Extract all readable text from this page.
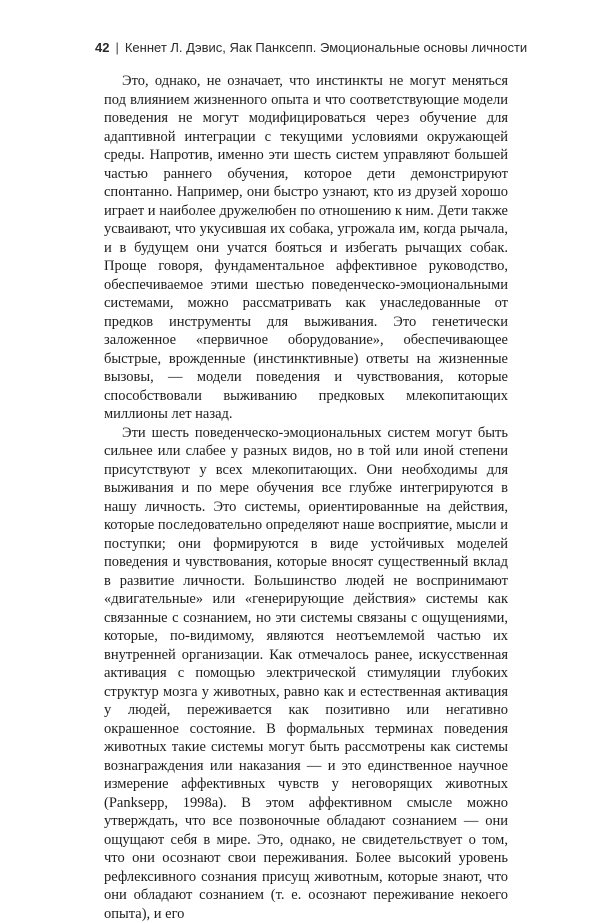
42 | Кеннет Л. Дэвис, Яак Панксепп. Эмоциональные основы личности

Это, однако, не означает, что инстинкты не могут меняться под влиянием жизненного опыта и что соответствующие модели поведения не могут модифицироваться через обучение для адаптивной интеграции с текущими условиями окружающей среды. Напротив, именно эти шесть систем управляют большей частью раннего обучения, которое дети демонстрируют спонтанно. Например, они быстро узнают, кто из друзей хорошо играет и наиболее дружелюбен по отношению к ним. Дети также усваивают, что укусившая их собака, угрожала им, когда рычала, и в будущем они учатся бояться и избегать рычащих собак. Проще говоря, фундаментальное аффективное руководство, обеспечиваемое этими шестью поведенческо-эмоциональными системами, можно рассматривать как унаследованные от предков инструменты для выживания. Это генетически заложенное «первичное оборудование», обеспечивающее быстрые, врожденные (инстинктивные) ответы на жизненные вызовы, — модели поведения и чувствования, которые способствовали выживанию предковых млекопитающих миллионы лет назад.

Эти шесть поведенческо-эмоциональных систем могут быть сильнее или слабее у разных видов, но в той или иной степени присутствуют у всех млекопитающих. Они необходимы для выживания и по мере обучения все глубже интегрируются в нашу личность. Это системы, ориентированные на действия, которые последовательно определяют наше восприятие, мысли и поступки; они формируются в виде устойчивых моделей поведения и чувствования, которые вносят существенный вклад в развитие личности. Большинство людей не воспринимают «двигательные» или «генерирующие действия» системы как связанные с сознанием, но эти системы связаны с ощущениями, которые, по-видимому, являются неотъемлемой частью их внутренней организации. Как отмечалось ранее, искусственная активация с помощью электрической стимуляции глубоких структур мозга у животных, равно как и естественная активация у людей, переживается как позитивно или негативно окрашенное состояние. В формальных терминах поведения животных такие системы могут быть рассмотрены как системы вознаграждения или наказания — и это единственное научное измерение аффективных чувств у неговорящих животных (Panksepp, 1998a). В этом аффективном смысле можно утверждать, что все позвоночные обладают сознанием — они ощущают себя в мире. Это, однако, не свидетельствует о том, что они осознают свои переживания. Более высокий уровень рефлексивного сознания присущ животным, которые знают, что они обладают сознанием (т. е. осознают переживание некоего опыта), и его
